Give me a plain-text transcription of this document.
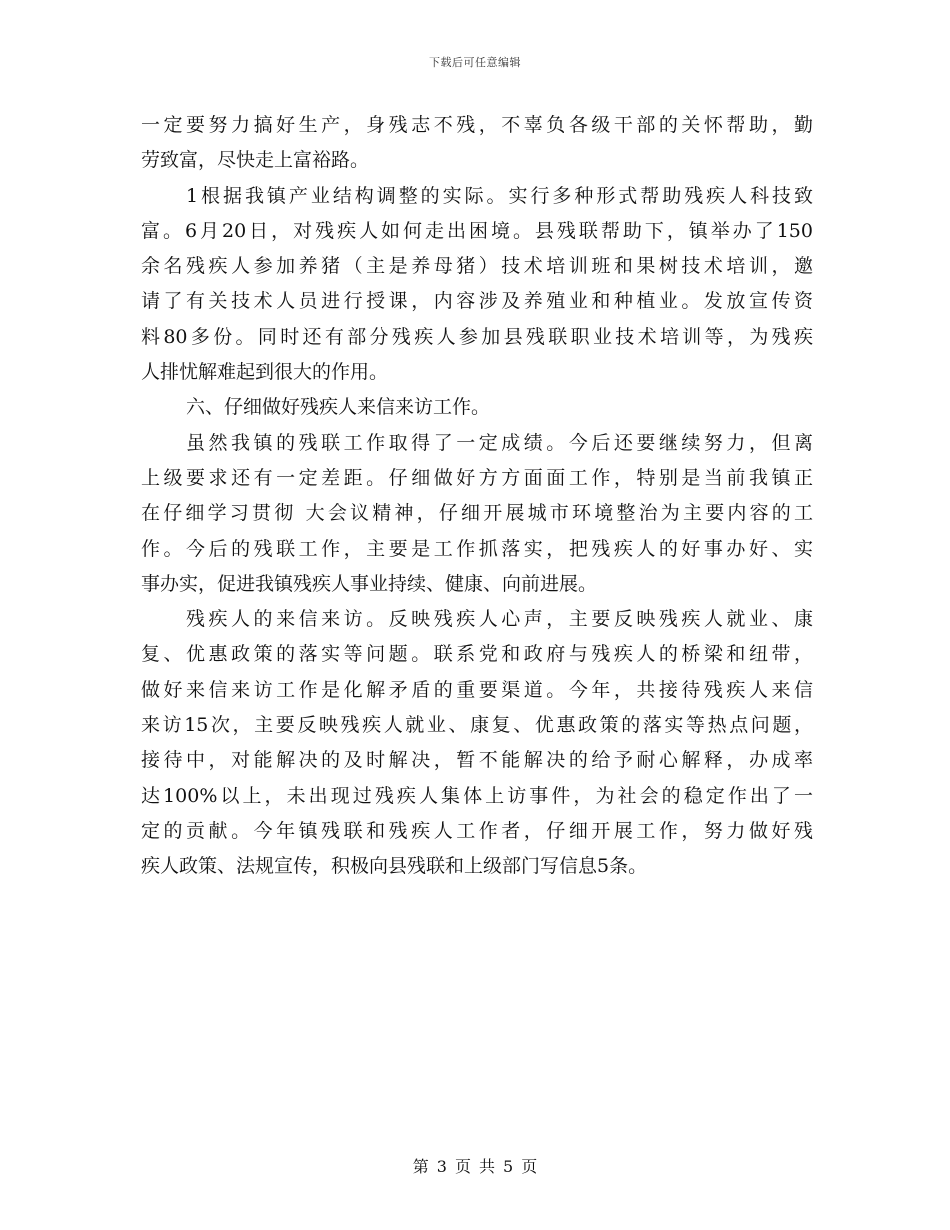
下载后可任意编辑
一定要努力搞好生产，身残志不残，不辜负各级干部的关怀帮助，勤
劳致富，尽快走上富裕路。
1根据我镇产业结构调整的实际。实行多种形式帮助残疾人科技致
富。6月20日，对残疾人如何走出困境。县残联帮助下，镇举办了150
余名残疾人参加养猪（主是养母猪）技术培训班和果树技术培训，邀
请了有关技术人员进行授课，内容涉及养殖业和种植业。发放宣传资
料80多份。同时还有部分残疾人参加县残联职业技术培训等，为残疾
人排忧解难起到很大的作用。
六、仔细做好残疾人来信来访工作。
虽然我镇的残联工作取得了一定成绩。今后还要继续努力，但离
上级要求还有一定差距。仔细做好方方面面工作，特别是当前我镇正
在仔细学习贯彻 大会议精神，仔细开展城市环境整治为主要内容的工
作。今后的残联工作，主要是工作抓落实，把残疾人的好事办好、实
事办实，促进我镇残疾人事业持续、健康、向前进展。
残疾人的来信来访。反映残疾人心声，主要反映残疾人就业、康
复、优惠政策的落实等问题。联系党和政府与残疾人的桥梁和纽带，
做好来信来访工作是化解矛盾的重要渠道。今年，共接待残疾人来信
来访15次，主要反映残疾人就业、康复、优惠政策的落实等热点问题，
接待中，对能解决的及时解决，暂不能解决的给予耐心解释，办成率
达100%以上，未出现过残疾人集体上访事件，为社会的稳定作出了一
定的贡献。今年镇残联和残疾人工作者，仔细开展工作，努力做好残
疾人政策、法规宣传，积极向县残联和上级部门写信息5条。
第 3 页 共 5 页
